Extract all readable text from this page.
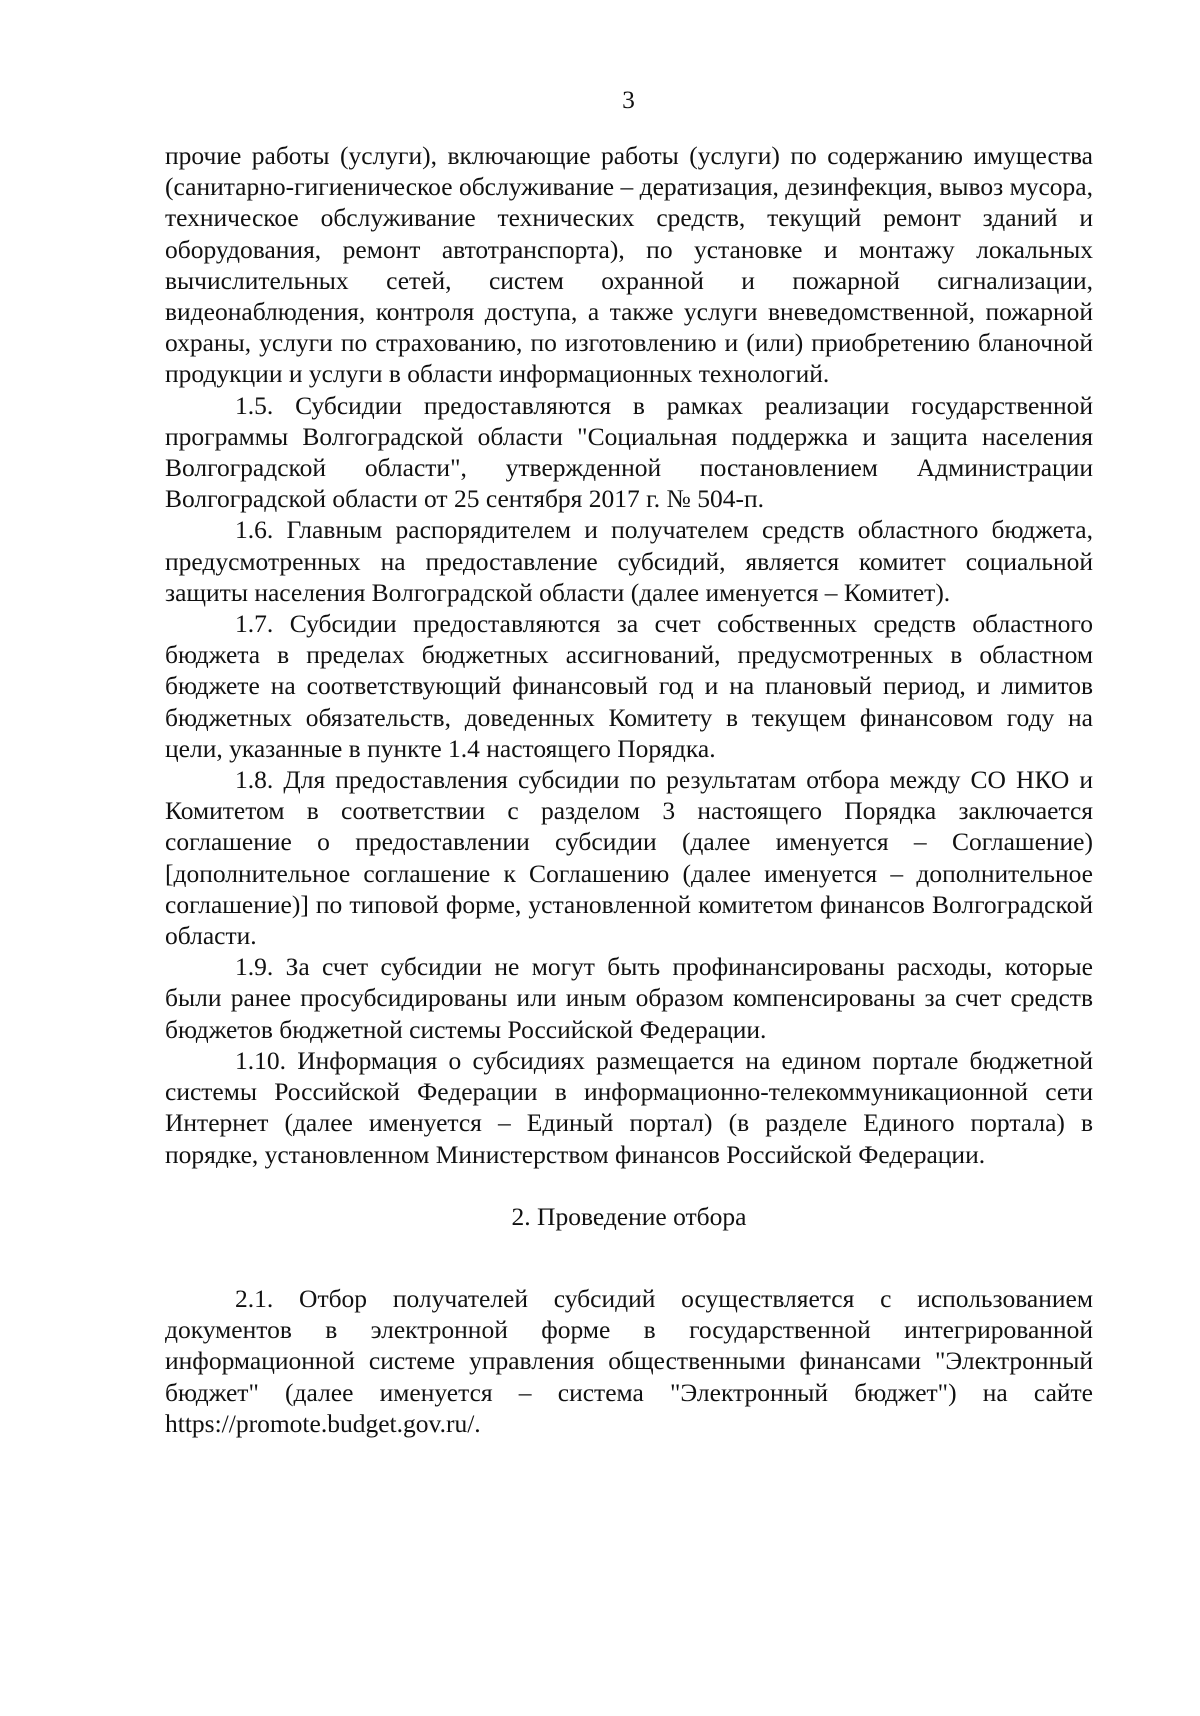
3

прочие работы (услуги), включающие работы (услуги) по содержанию имущества (санитарно-гигиеническое обслуживание – дератизация, дезинфекция, вывоз мусора, техническое обслуживание технических средств, текущий ремонт зданий и оборудования, ремонт автотранспорта), по установке и монтажу локальных вычислительных сетей, систем охранной и пожарной сигнализации, видеонаблюдения, контроля доступа, а также услуги вневедомственной, пожарной охраны, услуги по страхованию, по изготовлению и (или) приобретению бланочной продукции и услуги в области информационных технологий.

1.5. Субсидии предоставляются в рамках реализации государственной программы Волгоградской области "Социальная поддержка и защита населения Волгоградской области", утвержденной постановлением Администрации Волгоградской области от 25 сентября 2017 г. № 504-п.

1.6. Главным распорядителем и получателем средств областного бюджета, предусмотренных на предоставление субсидий, является комитет социальной защиты населения Волгоградской области (далее именуется – Комитет).

1.7. Субсидии предоставляются за счет собственных средств областного бюджета в пределах бюджетных ассигнований, предусмотренных в областном бюджете на соответствующий финансовый год и на плановый период, и лимитов бюджетных обязательств, доведенных Комитету в текущем финансовом году на цели, указанные в пункте 1.4 настоящего Порядка.

1.8. Для предоставления субсидии по результатам отбора между СО НКО и Комитетом в соответствии с разделом 3 настоящего Порядка заключается соглашение о предоставлении субсидии (далее именуется – Соглашение) [дополнительное соглашение к Соглашению (далее именуется – дополнительное соглашение)] по типовой форме, установленной комитетом финансов Волгоградской области.

1.9. За счет субсидии не могут быть профинансированы расходы, которые были ранее просубсидированы или иным образом компенсированы за счет средств бюджетов бюджетной системы Российской Федерации.

1.10. Информация о субсидиях размещается на едином портале бюджетной системы Российской Федерации в информационно-телекоммуникационной сети Интернет (далее именуется – Единый портал) (в разделе Единого портала) в порядке, установленном Министерством финансов Российской Федерации.

2. Проведение отбора

2.1. Отбор получателей субсидий осуществляется с использованием документов в электронной форме в государственной интегрированной информационной системе управления общественными финансами "Электронный бюджет" (далее именуется – система "Электронный бюджет") на сайте https://promote.budget.gov.ru/.
